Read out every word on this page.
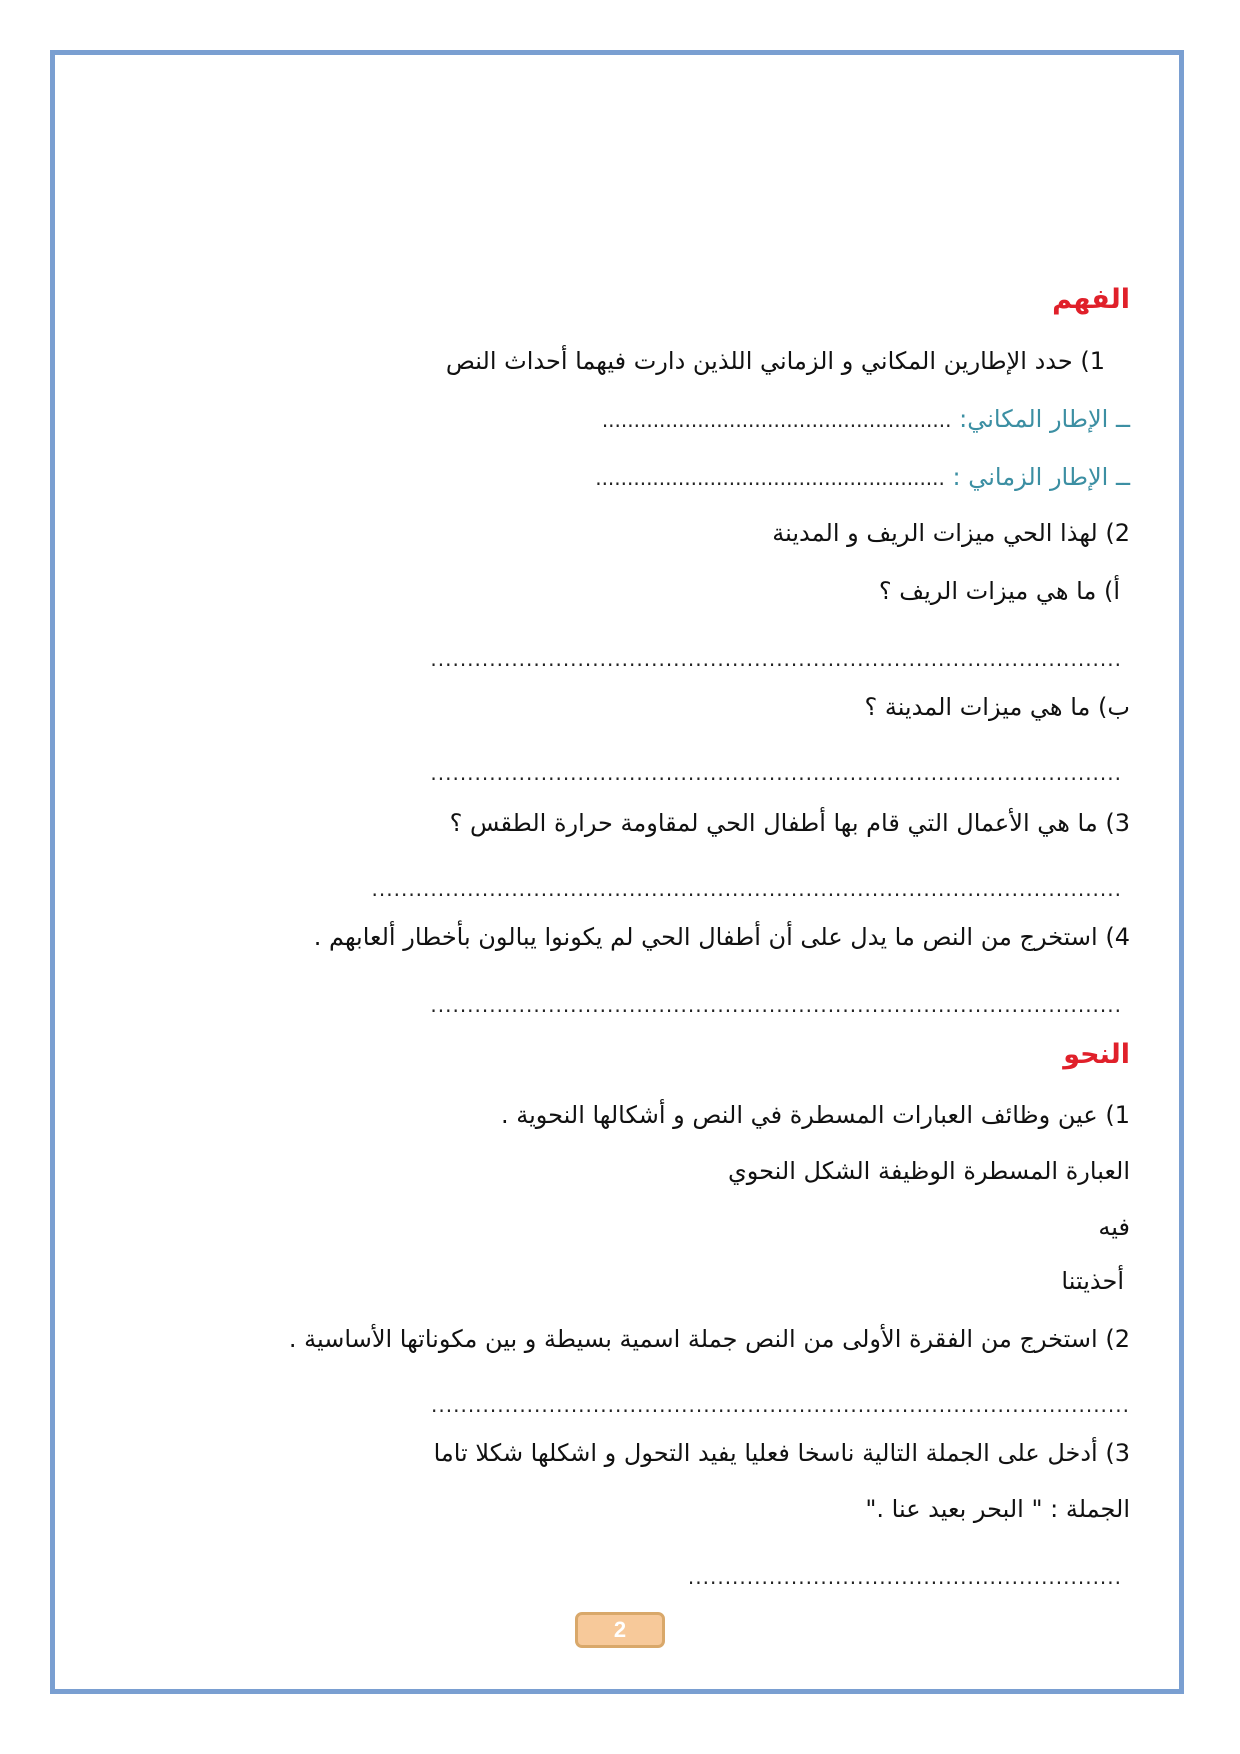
الفهم
1) حدد الإطارين المكاني و الزماني اللذين دارت فيهما أحداث النص
ــ الإطار المكاني: .......................................................
ــ الإطار الزماني : .......................................................
2) لهذا الحي ميزات الريف و المدينة
أ) ما هي ميزات الريف ؟
..............................................................................................
ب) ما هي ميزات المدينة ؟
..............................................................................................
3) ما هي الأعمال التي قام بها أطفال الحي لمقاومة حرارة الطقس ؟
......................................................................................................
4) استخرج من النص ما يدل على أن أطفال الحي لم يكونوا يبالون بأخطار ألعابهم .
..............................................................................................
النحو
1) عين وظائف العبارات المسطرة في النص و أشكالها النحوية .
العبارة المسطرة الوظيفة الشكل النحوي
فيه
أحذيتنا
2) استخرج من الفقرة الأولى من النص جملة اسمية بسيطة و بين مكوناتها الأساسية .
...............................................................................................
3) أدخل على الجملة التالية ناسخا فعليا يفيد التحول و اشكلها شكلا تاما
الجملة : " البحر بعيد عنا ."
...........................................................
2
